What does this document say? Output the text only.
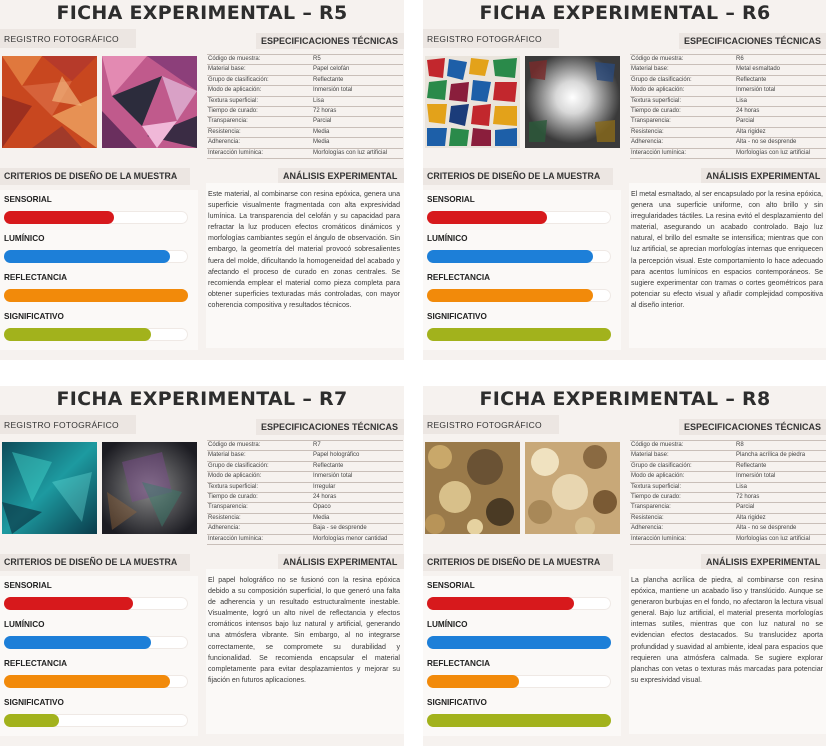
FICHA EXPERIMENTAL – R5
REGISTRO FOTOGRÁFICO	ESPECIFICACIONES TÉCNICAS
Código de muestra:	R5
Material base:	Papel celofán
Grupo de clasificación:	Reflectante
Modo de aplicación:	Inmersión total
Textura superficial:	Lisa
Tiempo de curado:	72 horas
Transparencia:	Parcial
Resistencia:	Media
Adherencia:	Media
Interacción lumínica:	Morfologías con luz artificial
CRITERIOS DE DISEÑO DE LA MUESTRA	ANÁLISIS EXPERIMENTAL
SENSORIAL
LUMÍNICO
REFLECTANCIA
SIGNIFICATIVO
Este material, al combinarse con resina epóxica, genera una superficie visualmente fragmentada con alta expresividad lumínica. La transparencia del celofán y su capacidad para refractar la luz producen efectos cromáticos dinámicos y morfologías cambiantes según el ángulo de observación. Sin embargo, la geometría del material provocó sobresalientes fuera del molde, dificultando la homogeneidad del acabado y afectando el proceso de curado en zonas centrales. Se recomienda emplear el material como pieza completa para obtener superficies texturadas más controladas, con mayor coherencia compositiva y resultados técnicos.
FICHA EXPERIMENTAL – R6
REGISTRO FOTOGRÁFICO	ESPECIFICACIONES TÉCNICAS
Código de muestra:	R6
Material base:	Metal esmaltado
Grupo de clasificación:	Reflectante
Modo de aplicación:	Inmersión total
Textura superficial:	Lisa
Tiempo de curado:	24 horas
Transparencia:	Parcial
Resistencia:	Alta rigidez
Adherencia:	Alta - no se desprende
Interacción lumínica:	Morfologías con luz artificial
CRITERIOS DE DISEÑO DE LA MUESTRA	ANÁLISIS EXPERIMENTAL
SENSORIAL
LUMÍNICO
REFLECTANCIA
SIGNIFICATIVO
El metal esmaltado, al ser encapsulado por la resina epóxica, genera una superficie uniforme, con alto brillo y sin irregularidades táctiles. La resina evitó el desplazamiento del material, asegurando un acabado controlado. Bajo luz natural, el brillo del esmalte se intensifica; mientras que con luz artificial, se aprecian morfologías internas que enriquecen la percepción visual. Este comportamiento lo hace adecuado para acentos lumínicos en espacios contemporáneos. Se sugiere experimentar con tramas o cortes geométricos para potenciar su efecto visual y añadir complejidad compositiva al diseño interior.
FICHA EXPERIMENTAL – R7
REGISTRO FOTOGRÁFICO	ESPECIFICACIONES TÉCNICAS
Código de muestra:	R7
Material base:	Papel holográfico
Grupo de clasificación:	Reflectante
Modo de aplicación:	Inmersión total
Textura superficial:	Irregular
Tiempo de curado:	24 horas
Transparencia:	Opaco
Resistencia:	Media
Adherencia:	Baja - se desprende
Interacción lumínica:	Morfologías menor cantidad
CRITERIOS DE DISEÑO DE LA MUESTRA	ANÁLISIS EXPERIMENTAL
SENSORIAL
LUMÍNICO
REFLECTANCIA
SIGNIFICATIVO
El papel holográfico no se fusionó con la resina epóxica debido a su composición superficial, lo que generó una falta de adherencia y un resultado estructuralmente inestable. Visualmente, logró un alto nivel de reflectancia y efectos cromáticos intensos bajo luz natural y artificial, generando una atmósfera vibrante. Sin embargo, al no integrarse correctamente, se compromete su durabilidad y funcionalidad. Se recomienda encapsular el material completamente para evitar desplazamientos y mejorar su fijación en futuros aplicaciones.
FICHA EXPERIMENTAL – R8
REGISTRO FOTOGRÁFICO	ESPECIFICACIONES TÉCNICAS
Código de muestra:	R8
Material base:	Plancha acrílica de piedra
Grupo de clasificación:	Reflectante
Modo de aplicación:	Inmersión total
Textura superficial:	Lisa
Tiempo de curado:	72 horas
Transparencia:	Parcial
Resistencia:	Alta rigidez
Adherencia:	Alta - no se desprende
Interacción lumínica:	Morfologías con luz artificial
CRITERIOS DE DISEÑO DE LA MUESTRA	ANÁLISIS EXPERIMENTAL
SENSORIAL
LUMÍNICO
REFLECTANCIA
SIGNIFICATIVO
La plancha acrílica de piedra, al combinarse con resina epóxica, mantiene un acabado liso y translúcido. Aunque se generaron burbujas en el fondo, no afectaron la lectura visual general. Bajo luz artificial, el material presenta morfologías internas sutiles, mientras que con luz natural no se evidencian efectos destacados. Su translucidez aporta profundidad y suavidad al ambiente, ideal para espacios que requieren una atmósfera calmada. Se sugiere explorar planchas con vetas o texturas más marcadas para potenciar su expresividad visual.
